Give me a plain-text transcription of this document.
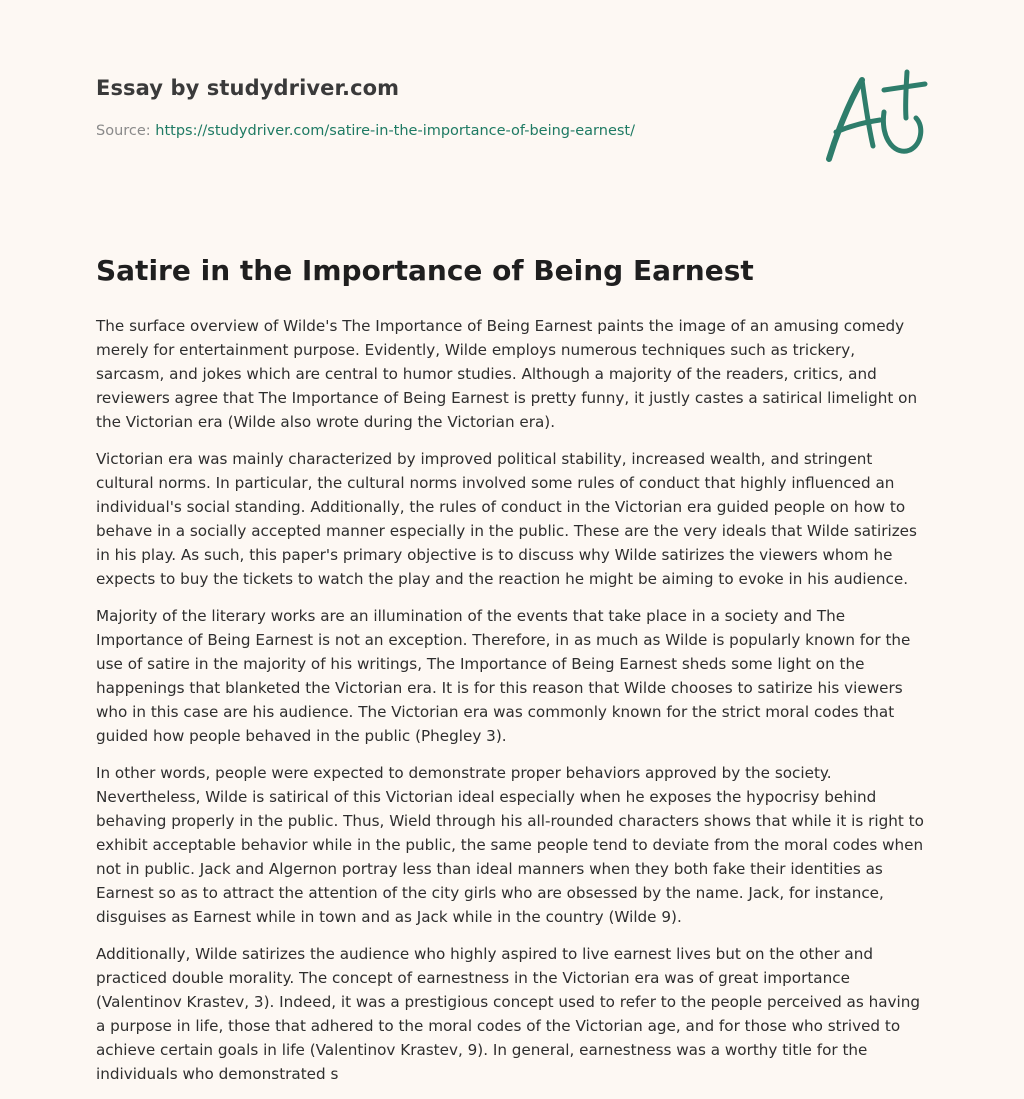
Essay by studydriver.com

Source: https://studydriver.com/satire-in-the-importance-of-being-earnest/

Satire in the Importance of Being Earnest

The surface overview of Wilde's The Importance of Being Earnest paints the image of an amusing comedy merely for entertainment purpose. Evidently, Wilde employs numerous techniques such as trickery, sarcasm, and jokes which are central to humor studies. Although a majority of the readers, critics, and reviewers agree that The Importance of Being Earnest is pretty funny, it justly castes a satirical limelight on the Victorian era (Wilde also wrote during the Victorian era).

Victorian era was mainly characterized by improved political stability, increased wealth, and stringent cultural norms. In particular, the cultural norms involved some rules of conduct that highly influenced an individual's social standing. Additionally, the rules of conduct in the Victorian era guided people on how to behave in a socially accepted manner especially in the public. These are the very ideals that Wilde satirizes in his play. As such, this paper's primary objective is to discuss why Wilde satirizes the viewers whom he expects to buy the tickets to watch the play and the reaction he might be aiming to evoke in his audience.

Majority of the literary works are an illumination of the events that take place in a society and The Importance of Being Earnest is not an exception. Therefore, in as much as Wilde is popularly known for the use of satire in the majority of his writings, The Importance of Being Earnest sheds some light on the happenings that blanketed the Victorian era. It is for this reason that Wilde chooses to satirize his viewers who in this case are his audience. The Victorian era was commonly known for the strict moral codes that guided how people behaved in the public (Phegley 3).

In other words, people were expected to demonstrate proper behaviors approved by the society. Nevertheless, Wilde is satirical of this Victorian ideal especially when he exposes the hypocrisy behind behaving properly in the public. Thus, Wield through his all-rounded characters shows that while it is right to exhibit acceptable behavior while in the public, the same people tend to deviate from the moral codes when not in public. Jack and Algernon portray less than ideal manners when they both fake their identities as Earnest so as to attract the attention of the city girls who are obsessed by the name. Jack, for instance, disguises as Earnest while in town and as Jack while in the country (Wilde 9).

Additionally, Wilde satirizes the audience who highly aspired to live earnest lives but on the other and practiced double morality. The concept of earnestness in the Victorian era was of great importance (Valentinov Krastev, 3). Indeed, it was a prestigious concept used to refer to the people perceived as having a purpose in life, those that adhered to the moral codes of the Victorian age, and for those who strived to achieve certain goals in life (Valentinov Krastev, 9). In general, earnestness was a worthy title for the individuals who demonstrated s
